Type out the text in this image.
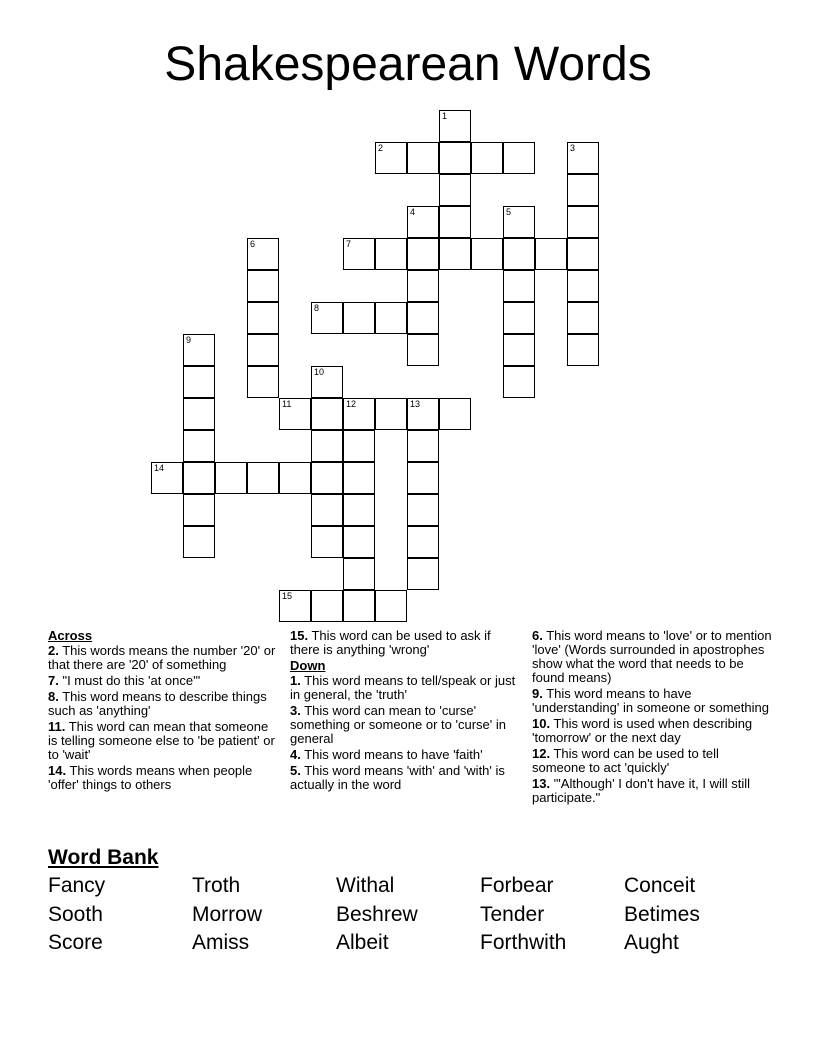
Shakespearean Words
1
2	3
4	5
6	7
8
9
10
11	12	13
14
15
Across
2. This words means the number '20' or that there are '20' of something
7. "I must do this 'at once'"
8. This word means to describe things such as 'anything'
11. This word can mean that someone is telling someone else to 'be patient' or to 'wait'
14. This words means when people 'offer' things to others
15. This word can be used to ask if there is anything 'wrong'
Down
1. This word means to tell/speak or just in general, the 'truth'
3. This word can mean to 'curse' something or someone or to 'curse' in general
4. This word means to have 'faith'
5. This word means 'with' and 'with' is actually in the word
6. This word means to 'love' or to mention 'love' (Words surrounded in apostrophes show what the word that needs to be found means)
9. This word means to have 'understanding' in someone or something
10. This word is used when describing 'tomorrow' or the next day
12. This word can be used to tell someone to act 'quickly'
13. "'Although' I don't have it, I will still participate."
Word Bank
Fancy	Troth	Withal	Forbear	Conceit
Sooth	Morrow	Beshrew	Tender	Betimes
Score	Amiss	Albeit	Forthwith	Aught
